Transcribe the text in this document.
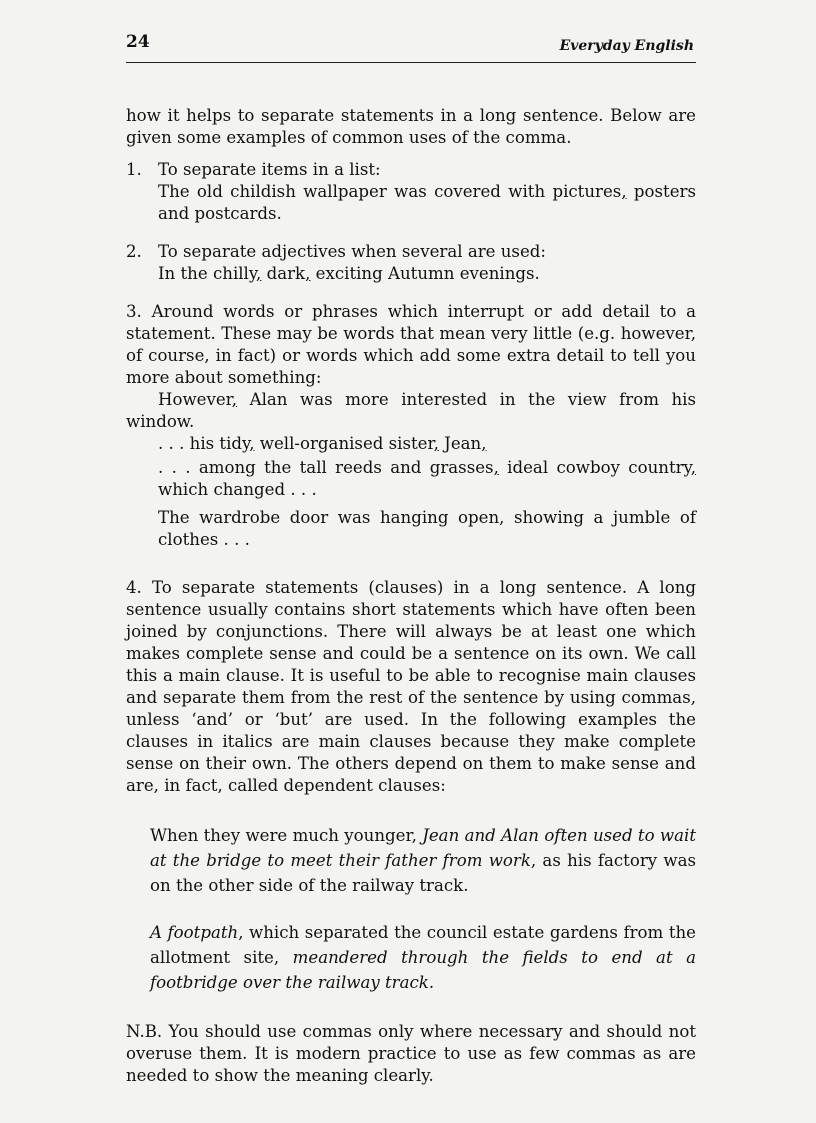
24	Everyday English

how it helps to separate statements in a long sentence. Below are given some examples of common uses of the comma.

1. To separate items in a list:

The old childish wallpaper was covered with pictures, posters and postcards.

2. To separate adjectives when several are used:

In the chilly, dark, exciting Autumn evenings.

3. Around words or phrases which interrupt or add detail to a statement. These may be words that mean very little (e.g. however, of course, in fact) or words which add some extra detail to tell you more about something:

However, Alan was more interested in the view from his window.

. . . his tidy, well-organised sister, Jean,

. . . among the tall reeds and grasses, ideal cowboy country, which changed . . .

The wardrobe door was hanging open, showing a jumble of clothes . . .

4. To separate statements (clauses) in a long sentence. A long sentence usually contains short statements which have often been joined by conjunctions. There will always be at least one which makes complete sense and could be a sentence on its own. We call this a main clause. It is useful to be able to recognise main clauses and separate them from the rest of the sentence by using commas, unless ‘and’ or ‘but’ are used. In the following examples the clauses in italics are main clauses because they make complete sense on their own. The others depend on them to make sense and are, in fact, called dependent clauses:

When they were much younger, Jean and Alan often used to wait at the bridge to meet their father from work, as his factory was on the other side of the railway track.

A footpath, which separated the council estate gardens from the allotment site, meandered through the fields to end at a footbridge over the railway track.

N.B. You should use commas only where necessary and should not overuse them. It is modern practice to use as few commas as are needed to show the meaning clearly.
